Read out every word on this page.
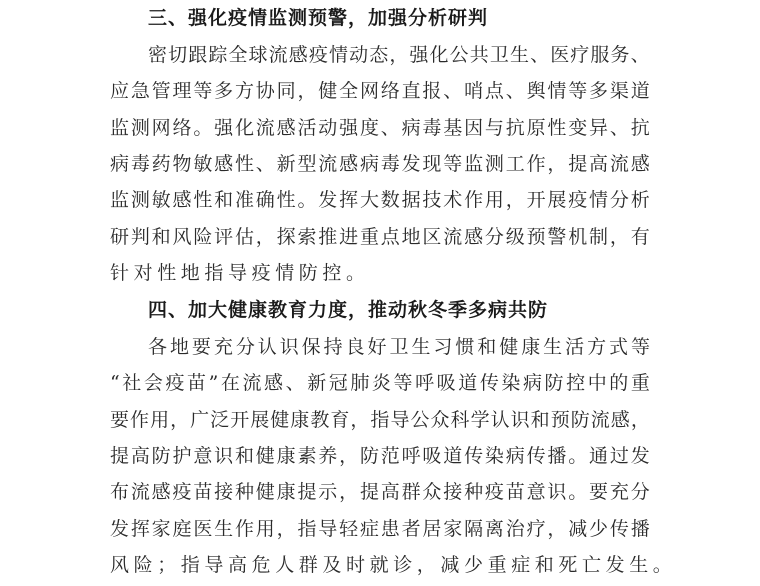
三、强化疫情监测预警，加强分析研判
密 切 跟 踪 全 球 流 感 疫 情 动 态 ， 强 化 公 共 卫 生 、 医 疗 服 务 、
应 急 管 理 等 多 方 协 同 ， 健 全 网 络 直 报 、 哨 点 、 舆 情 等 多 渠 道
监 测 网 络 。 强 化 流 感 活 动 强 度 、 病 毒 基 因 与 抗 原 性 变 异 、 抗
病 毒 药 物 敏 感 性 、 新 型 流 感 病 毒 发 现 等 监 测 工 作 ， 提 高 流 感
监 测 敏 感 性 和 准 确 性 。 发 挥 大 数 据 技 术 作 用 ， 开 展 疫 情 分 析
研 判 和 风 险 评 估 ， 探 索 推 进 重 点 地 区 流 感 分 级 预 警 机 制 ， 有
针对性地指导疫情防控。
四、加大健康教育力度，推动秋冬季多病共防
各 地 要 充 分 认 识 保 持 良 好 卫 生 习 惯 和 健 康 生 活 方 式 等
“ 社 会 疫 苗 ” 在 流 感 、 新 冠 肺 炎 等 呼 吸 道 传 染 病 防 控 中 的 重
要 作 用 ， 广 泛 开 展 健 康 教 育 ， 指 导 公 众 科 学 认 识 和 预 防 流 感 ，
提 高 防 护 意 识 和 健 康 素 养 ， 防 范 呼 吸 道 传 染 病 传 播 。 通 过 发
布 流 感 疫 苗 接 种 健 康 提 示 ， 提 高 群 众 接 种 疫 苗 意 识 。 要 充 分
发 挥 家 庭 医 生 作 用 ， 指 导 轻 症 患 者 居 家 隔 离 治 疗 ， 减 少 传 播
风险；指导高危人群及时就诊，减少重症和死亡发生。
